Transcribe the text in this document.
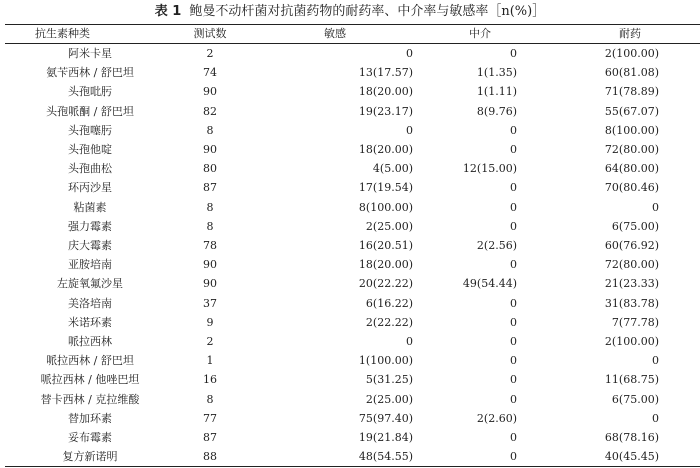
表 1 鲍曼不动杆菌对抗菌药物的耐药率、中介率与敏感率［n(%)］
抗生素种类	测试数	敏感	中介	耐药
阿米卡星	2	0	0	2(100.00)
氨苄西林 / 舒巴坦	74	13(17.57)	1(1.35)	60(81.08)
头孢吡肟	90	18(20.00)	1(1.11)	71(78.89)
头孢哌酮 / 舒巴坦	82	19(23.17)	8(9.76)	55(67.07)
头孢噻肟	8	0	0	8(100.00)
头孢他啶	90	18(20.00)	0	72(80.00)
头孢曲松	80	4(5.00)	12(15.00)	64(80.00)
环丙沙星	87	17(19.54)	0	70(80.46)
粘菌素	8	8(100.00)	0	0
强力霉素	8	2(25.00)	0	6(75.00)
庆大霉素	78	16(20.51)	2(2.56)	60(76.92)
亚胺培南	90	18(20.00)	0	72(80.00)
左旋氧氟沙星	90	20(22.22)	49(54.44)	21(23.33)
美洛培南	37	6(16.22)	0	31(83.78)
米诺环素	9	2(22.22)	0	7(77.78)
哌拉西林	2	0	0	2(100.00)
哌拉西林 / 舒巴坦	1	1(100.00)	0	0
哌拉西林 / 他唑巴坦	16	5(31.25)	0	11(68.75)
替卡西林 / 克拉维酸	8	2(25.00)	0	6(75.00)
替加环素	77	75(97.40)	2(2.60)	0
妥布霉素	87	19(21.84)	0	68(78.16)
复方新诺明	88	48(54.55)	0	40(45.45)
